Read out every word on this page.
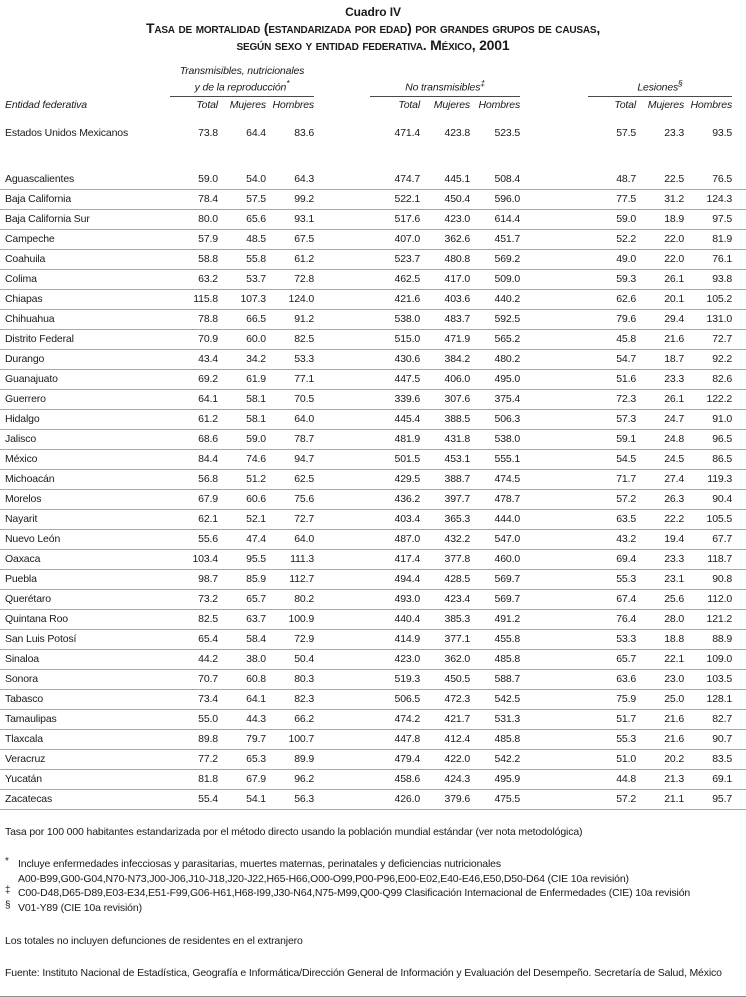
Cuadro IV
Tasa de mortalidad (estandarizada por edad) por grandes grupos de causas,
según sexo y entidad federativa. México, 2001
Entidad federativa	Transmisibles, nutricionales
y de la reproducción*				No transmisibles‡				Lesiones§	
	Total	Mujeres	Hombres		Total	Mujeres	Hombres		Total	Mujeres	Hombres	
Estados Unidos Mexicanos	73.8	64.4	83.6		471.4	423.8	523.5		57.5	23.3	93.5	

Aguascalientes	59.0	54.0	64.3		474.7	445.1	508.4		48.7	22.5	76.5	
Baja California	78.4	57.5	99.2		522.1	450.4	596.0		77.5	31.2	124.3	
Baja California Sur	80.0	65.6	93.1		517.6	423.0	614.4		59.0	18.9	97.5	
Campeche	57.9	48.5	67.5		407.0	362.6	451.7		52.2	22.0	81.9	
Coahuila	58.8	55.8	61.2		523.7	480.8	569.2		49.0	22.0	76.1	
Colima	63.2	53.7	72.8		462.5	417.0	509.0		59.3	26.1	93.8	
Chiapas	115.8	107.3	124.0		421.6	403.6	440.2		62.6	20.1	105.2	
Chihuahua	78.8	66.5	91.2		538.0	483.7	592.5		79.6	29.4	131.0	
Distrito Federal	70.9	60.0	82.5		515.0	471.9	565.2		45.8	21.6	72.7	
Durango	43.4	34.2	53.3		430.6	384.2	480.2		54.7	18.7	92.2	
Guanajuato	69.2	61.9	77.1		447.5	406.0	495.0		51.6	23.3	82.6	
Guerrero	64.1	58.1	70.5		339.6	307.6	375.4		72.3	26.1	122.2	
Hidalgo	61.2	58.1	64.0		445.4	388.5	506.3		57.3	24.7	91.0	
Jalisco	68.6	59.0	78.7		481.9	431.8	538.0		59.1	24.8	96.5	
México	84.4	74.6	94.7		501.5	453.1	555.1		54.5	24.5	86.5	
Michoacán	56.8	51.2	62.5		429.5	388.7	474.5		71.7	27.4	119.3	
Morelos	67.9	60.6	75.6		436.2	397.7	478.7		57.2	26.3	90.4	
Nayarit	62.1	52.1	72.7		403.4	365.3	444.0		63.5	22.2	105.5	
Nuevo León	55.6	47.4	64.0		487.0	432.2	547.0		43.2	19.4	67.7	
Oaxaca	103.4	95.5	111.3		417.4	377.8	460.0		69.4	23.3	118.7	
Puebla	98.7	85.9	112.7		494.4	428.5	569.7		55.3	23.1	90.8	
Querétaro	73.2	65.7	80.2		493.0	423.4	569.7		67.4	25.6	112.0	
Quintana Roo	82.5	63.7	100.9		440.4	385.3	491.2		76.4	28.0	121.2	
San Luis Potosí	65.4	58.4	72.9		414.9	377.1	455.8		53.3	18.8	88.9	
Sinaloa	44.2	38.0	50.4		423.0	362.0	485.8		65.7	22.1	109.0	
Sonora	70.7	60.8	80.3		519.3	450.5	588.7		63.6	23.0	103.5	
Tabasco	73.4	64.1	82.3		506.5	472.3	542.5		75.9	25.0	128.1	
Tamaulipas	55.0	44.3	66.2		474.2	421.7	531.3		51.7	21.6	82.7	
Tlaxcala	89.8	79.7	100.7		447.8	412.4	485.8		55.3	21.6	90.7	
Veracruz	77.2	65.3	89.9		479.4	422.0	542.2		51.0	20.2	83.5	
Yucatán	81.8	67.9	96.2		458.6	424.3	495.9		44.8	21.3	69.1	
Zacatecas	55.4	54.1	56.3		426.0	379.6	475.5		57.2	21.1	95.7	
Tasa por 100 000 habitantes estandarizada por el método directo usando la población mundial estándar (ver nota metodológica)
* Incluye enfermedades infecciosas y parasitarias, muertes maternas, perinatales y deficiencias nutricionales
A00-B99,G00-G04,N70-N73,J00-J06,J10-J18,J20-J22,H65-H66,O00-O99,P00-P96,E00-E02,E40-E46,E50,D50-D64 (CIE 10a revisión)
‡ C00-D48,D65-D89,E03-E34,E51-F99,G06-H61,H68-I99,J30-N64,N75-M99,Q00-Q99 Clasificación Internacional de Enfermedades (CIE) 10a revisión
§ V01-Y89 (CIE 10a revisión)
Los totales no incluyen defunciones de residentes en el extranjero
Fuente: Instituto Nacional de Estadística, Geografía e Informática/Dirección General de Información y Evaluación del Desempeño. Secretaría de Salud, México
